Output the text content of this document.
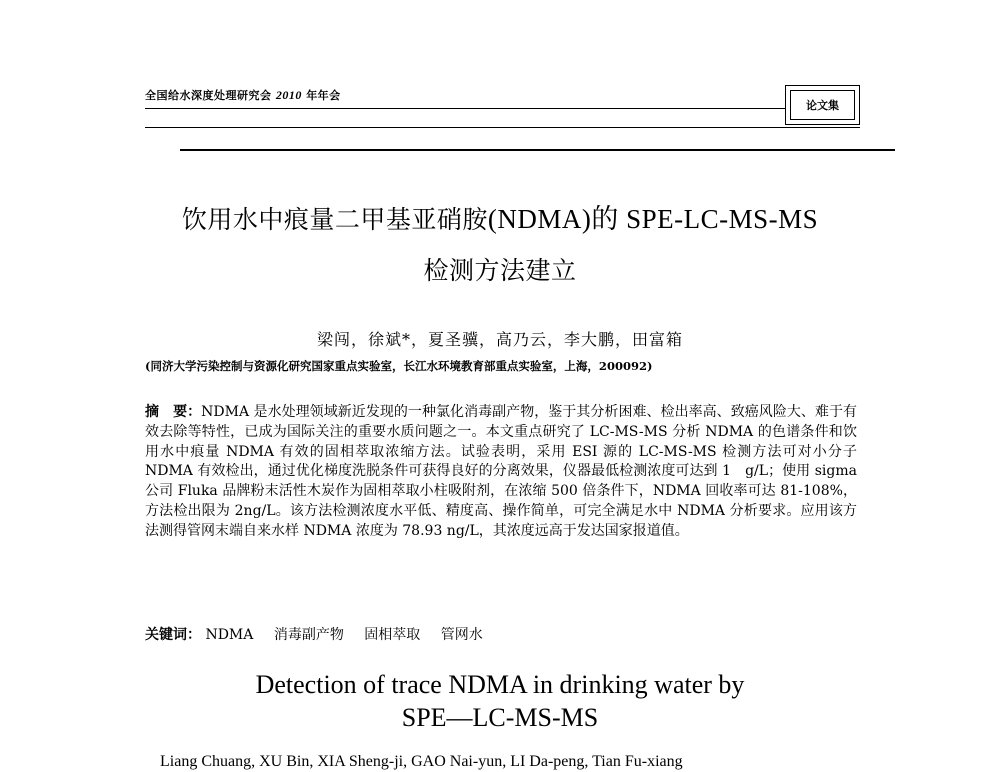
全国给水深度处理研究会 2010 年年会
论文集
饮用水中痕量二甲基亚硝胺(NDMA)的 SPE-LC-MS-MS
检测方法建立
梁闯，徐斌*，夏圣骥，高乃云，李大鹏，田富箱
(同济大学污染控制与资源化研究国家重点实验室，长江水环境教育部重点实验室，上海，200092)
摘　要：NDMA 是水处理领域新近发现的一种氯化消毒副产物，鉴于其分析困难、检出率高、致癌风险大、难于有效去除等特性，已成为国际关注的重要水质问题之一。本文重点研究了 LC-MS-MS 分析 NDMA 的色谱条件和饮用水中痕量 NDMA 有效的固相萃取浓缩方法。试验表明，采用 ESI 源的 LC-MS-MS 检测方法可对小分子 NDMA 有效检出，通过优化梯度洗脱条件可获得良好的分离效果，仪器最低检测浓度可达到 1　g/L；使用 sigma 公司 Fluka 品牌粉末活性木炭作为固相萃取小柱吸附剂，在浓缩 500 倍条件下，NDMA 回收率可达 81-108%，方法检出限为 2ng/L。该方法检测浓度水平低、精度高、操作简单，可完全满足水中 NDMA 分析要求。应用该方法测得管网末端自来水样 NDMA 浓度为 78.93 ng/L，其浓度远高于发达国家报道值。
关键词： NDMA 消毒副产物 固相萃取 管网水
Detection of trace NDMA in drinking water by
SPE—LC-MS-MS
Liang Chuang, XU Bin, XIA Sheng-ji, GAO Nai-yun, LI Da-peng, Tian Fu-xiang
